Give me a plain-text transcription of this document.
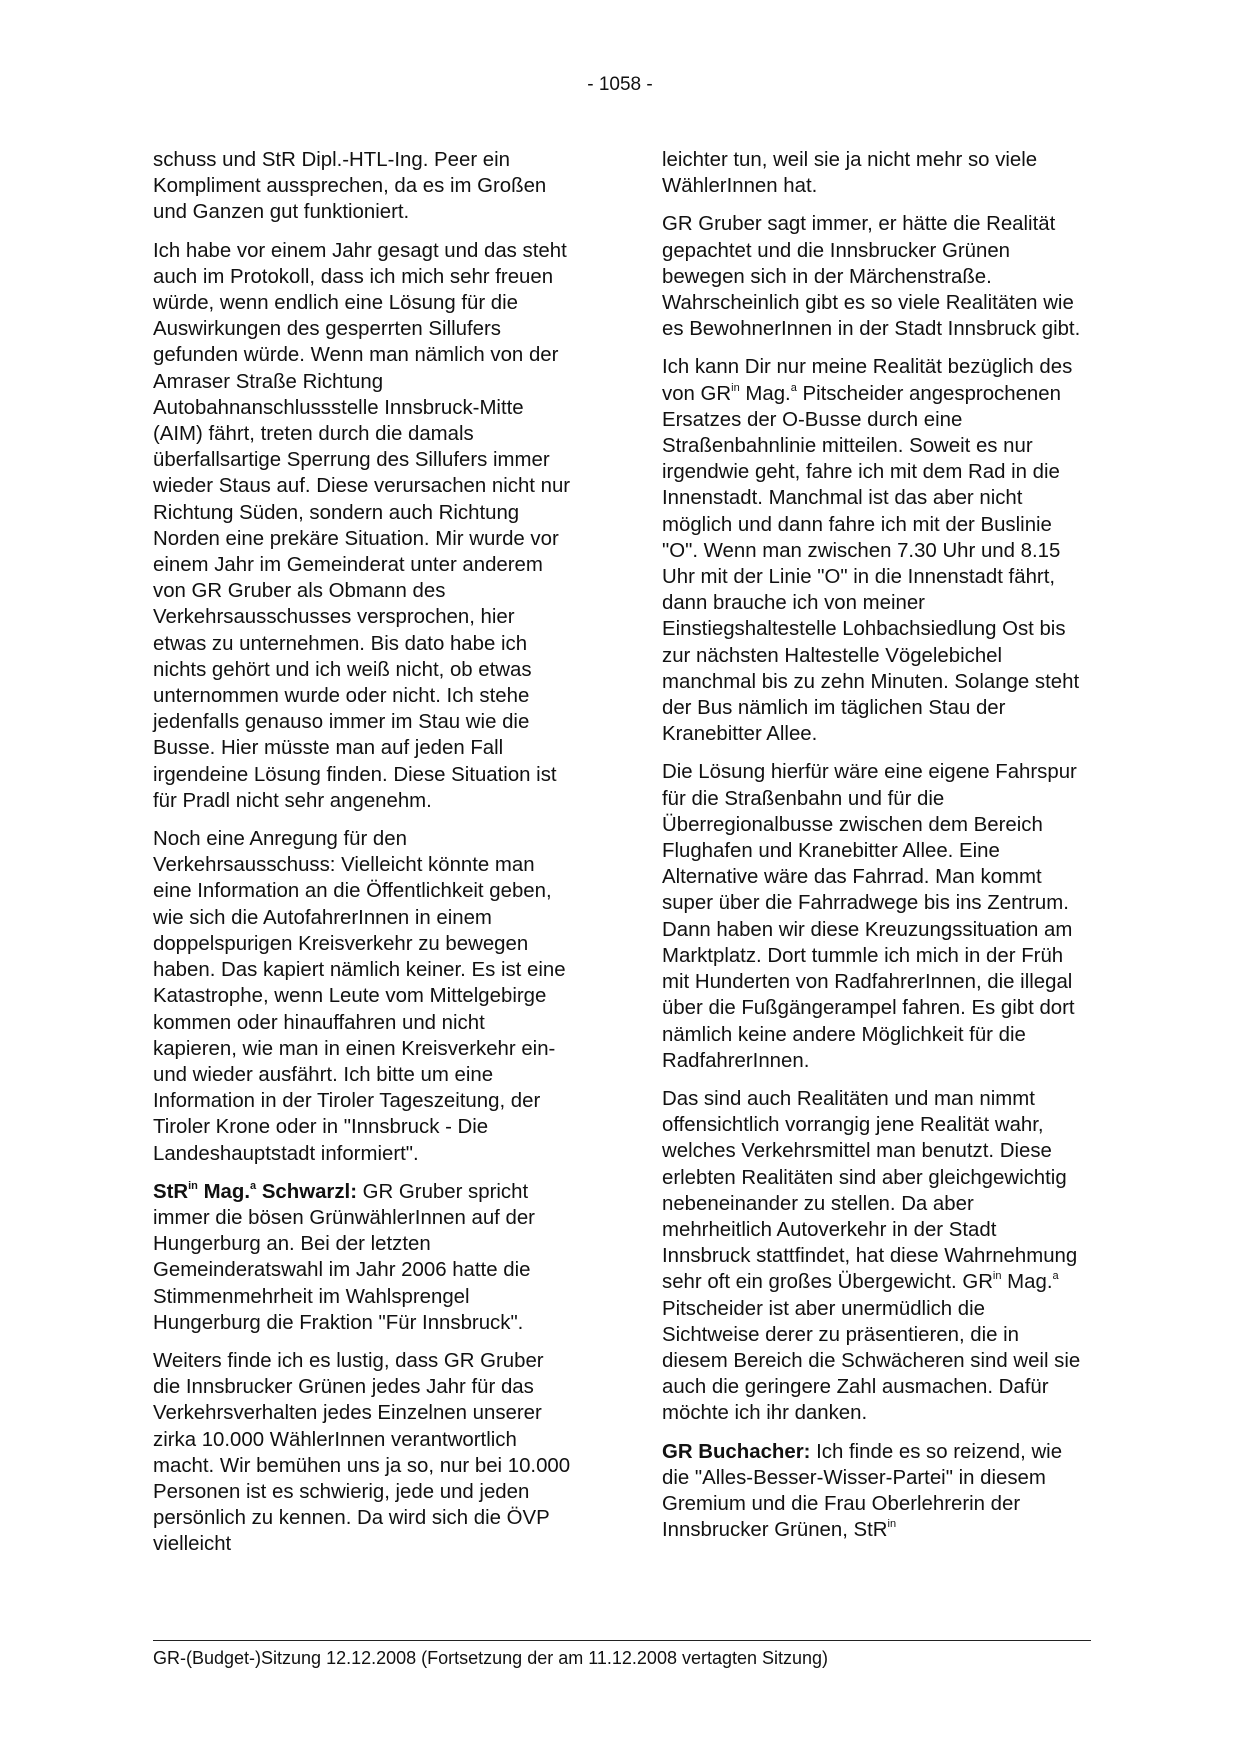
- 1058 -

schuss und StR Dipl.-HTL-Ing. Peer ein Kompliment aussprechen, da es im Großen und Ganzen gut funktioniert.

Ich habe vor einem Jahr gesagt und das steht auch im Protokoll, dass ich mich sehr freuen würde, wenn endlich eine Lösung für die Auswirkungen des gesperrten Sillufers gefunden würde. Wenn man nämlich von der Amraser Straße Richtung Autobahnanschlussstelle Innsbruck-Mitte (AIM) fährt, treten durch die damals überfallsartige Sperrung des Sillufers immer wieder Staus auf. Diese verursachen nicht nur Richtung Süden, sondern auch Richtung Norden eine prekäre Situation. Mir wurde vor einem Jahr im Gemeinderat unter anderem von GR Gruber als Obmann des Verkehrsausschusses versprochen, hier etwas zu unternehmen. Bis dato habe ich nichts gehört und ich weiß nicht, ob etwas unternommen wurde oder nicht. Ich stehe jedenfalls genauso immer im Stau wie die Busse. Hier müsste man auf jeden Fall irgendeine Lösung finden. Diese Situation ist für Pradl nicht sehr angenehm.

Noch eine Anregung für den Verkehrsausschuss: Vielleicht könnte man eine Information an die Öffentlichkeit geben, wie sich die AutofahrerInnen in einem doppelspurigen Kreisverkehr zu bewegen haben. Das kapiert nämlich keiner. Es ist eine Katastrophe, wenn Leute vom Mittelgebirge kommen oder hinauffahren und nicht kapieren, wie man in einen Kreisverkehr ein- und wieder ausfährt. Ich bitte um eine Information in der Tiroler Tageszeitung, der Tiroler Krone oder in "Innsbruck - Die Landeshauptstadt informiert".

StR$^{in}$ Mag.$^a$ Schwarzl: GR Gruber spricht immer die bösen GrünwählerInnen auf der Hungerburg an. Bei der letzten Gemeinderatswahl im Jahr 2006 hatte die Stimmenmehrheit im Wahlsprengel Hungerburg die Fraktion "Für Innsbruck".

Weiters finde ich es lustig, dass GR Gruber die Innsbrucker Grünen jedes Jahr für das Verkehrsverhalten jedes Einzelnen unserer zirka 10.000 WählerInnen verantwortlich macht. Wir bemühen uns ja so, nur bei 10.000 Personen ist es schwierig, jede und jeden persönlich zu kennen. Da wird sich die ÖVP vielleicht

leichter tun, weil sie ja nicht mehr so viele WählerInnen hat.

GR Gruber sagt immer, er hätte die Realität gepachtet und die Innsbrucker Grünen bewegen sich in der Märchenstraße. Wahrscheinlich gibt es so viele Realitäten wie es BewohnerInnen in der Stadt Innsbruck gibt.

Ich kann Dir nur meine Realität bezüglich des von $GR^{in}$ Mag.$^a$ Pitscheider angesprochenen Ersatzes der O-Busse durch eine Straßenbahnlinie mitteilen. Soweit es nur irgendwie geht, fahre ich mit dem Rad in die Innenstadt. Manchmal ist das aber nicht möglich und dann fahre ich mit der Buslinie "O". Wenn man zwischen 7.30 Uhr und 8.15 Uhr mit der Linie "O" in die Innenstadt fährt, dann brauche ich von meiner Einstiegshaltestelle Lohbachsiedlung Ost bis zur nächsten Haltestelle Vögelebichel manchmal bis zu zehn Minuten. Solange steht der Bus nämlich im täglichen Stau der Kranebitter Allee.

Die Lösung hierfür wäre eine eigene Fahrspur für die Straßenbahn und für die Überregionalbusse zwischen dem Bereich Flughafen und Kranebitter Allee. Eine Alternative wäre das Fahrrad. Man kommt super über die Fahrradwege bis ins Zentrum. Dann haben wir diese Kreuzungssituation am Marktplatz. Dort tummle ich mich in der Früh mit Hunderten von RadfahrerInnen, die illegal über die Fußgängerampel fahren. Es gibt dort nämlich keine andere Möglichkeit für die RadfahrerInnen.

Das sind auch Realitäten und man nimmt offensichtlich vorrangig jene Realität wahr, welches Verkehrsmittel man benutzt. Diese erlebten Realitäten sind aber gleichgewichtig nebeneinander zu stellen. Da aber mehrheitlich Autoverkehr in der Stadt Innsbruck stattfindet, hat diese Wahrnehmung sehr oft ein großes Übergewicht. $GR^{in}$ Mag.$^a$ Pitscheider ist aber unermüdlich die Sichtweise derer zu präsentieren, die in diesem Bereich die Schwächeren sind weil sie auch die geringere Zahl ausmachen. Dafür möchte ich ihr danken.

GR Buchacher: Ich finde es so reizend, wie die "Alles-Besser-Wisser-Partei" in diesem Gremium und die Frau Oberlehrerin der Innsbrucker Grünen, StR$^{in}$

GR-(Budget-)Sitzung 12.12.2008 (Fortsetzung der am 11.12.2008 vertagten Sitzung)
